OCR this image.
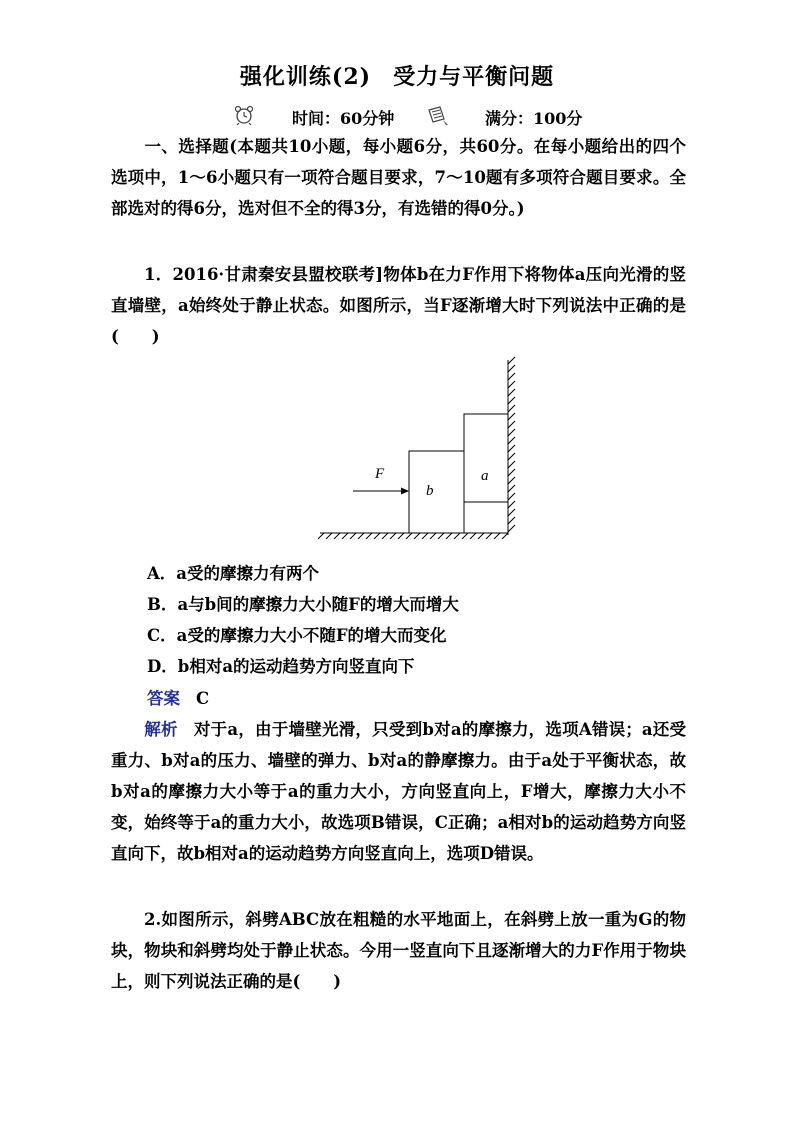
强化训练(2) 受力与平衡问题
时间：60分钟	满分：100分
一、选择题(本题共10小题，每小题6分，共60分。在每小题给出的四个选项中，1～6小题只有一项符合题目要求，7～10题有多项符合题目要求。全部选对的得6分，选对但不全的得3分，有选错的得0分。)
1．2016·甘肃秦安县盟校联考]物体b在力F作用下将物体a压向光滑的竖直墙壁，a始终处于静止状态。如图所示，当F逐渐增大时下列说法中正确的是(　　)
F
b
a
A．a受的摩擦力有两个
B．a与b间的摩擦力大小随F的增大而增大
C．a受的摩擦力大小不随F的增大而变化
D．b相对a的运动趋势方向竖直向下
答案 C
解析 对于a，由于墙壁光滑，只受到b对a的摩擦力，选项A错误；a还受重力、b对a的压力、墙壁的弹力、b对a的静摩擦力。由于a处于平衡状态，故b对a的摩擦力大小等于a的重力大小，方向竖直向上，F增大，摩擦力大小不变，始终等于a的重力大小，故选项B错误，C正确；a相对b的运动趋势方向竖直向下，故b相对a的运动趋势方向竖直向上，选项D错误。
2.如图所示，斜劈ABC放在粗糙的水平地面上，在斜劈上放一重为G的物块，物块和斜劈均处于静止状态。今用一竖直向下且逐渐增大的力F作用于物块上，则下列说法正确的是(　　)
